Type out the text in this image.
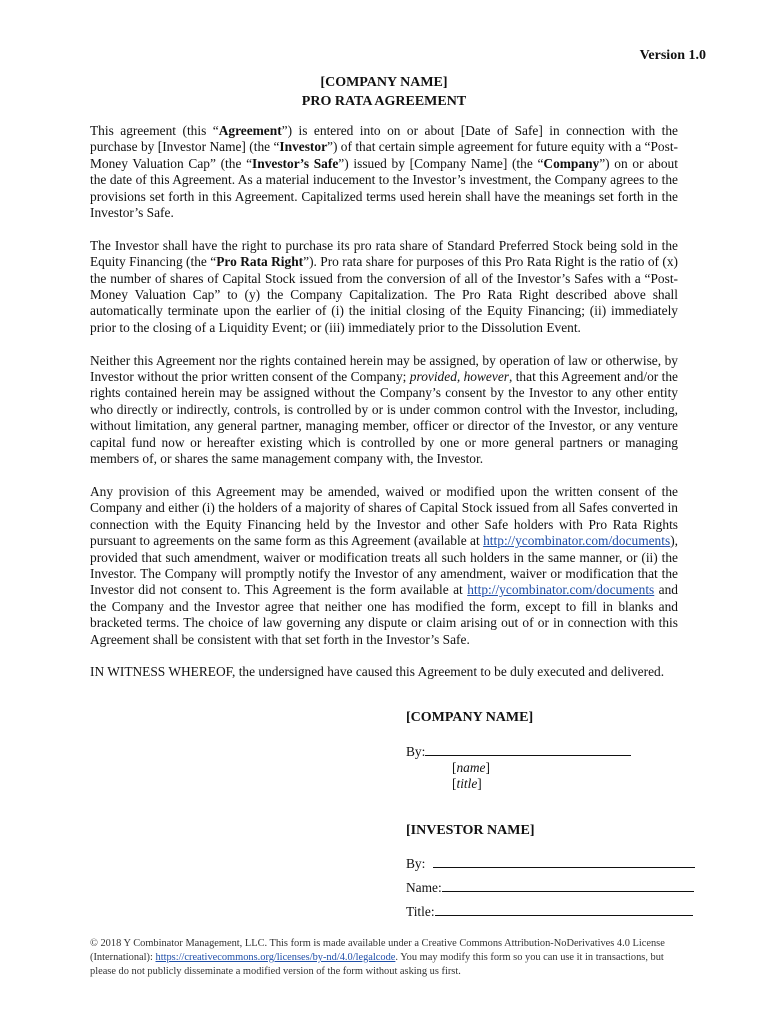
Version 1.0
[COMPANY NAME]
PRO RATA AGREEMENT

This agreement (this “Agreement”) is entered into on or about [Date of Safe] in connection with the purchase by [Investor Name] (the “Investor”) of that certain simple agreement for future equity with a “Post-Money Valuation Cap” (the “Investor’s Safe”) issued by [Company Name] (the “Company”) on or about the date of this Agreement. As a material inducement to the Investor’s investment, the Company agrees to the provisions set forth in this Agreement. Capitalized terms used herein shall have the meanings set forth in the Investor’s Safe.

The Investor shall have the right to purchase its pro rata share of Standard Preferred Stock being sold in the Equity Financing (the “Pro Rata Right”). Pro rata share for purposes of this Pro Rata Right is the ratio of (x) the number of shares of Capital Stock issued from the conversion of all of the Investor’s Safes with a “Post-Money Valuation Cap” to (y) the Company Capitalization. The Pro Rata Right described above shall automatically terminate upon the earlier of (i) the initial closing of the Equity Financing; (ii) immediately prior to the closing of a Liquidity Event; or (iii) immediately prior to the Dissolution Event.

Neither this Agreement nor the rights contained herein may be assigned, by operation of law or otherwise, by Investor without the prior written consent of the Company; provided, however, that this Agreement and/or the rights contained herein may be assigned without the Company’s consent by the Investor to any other entity who directly or indirectly, controls, is controlled by or is under common control with the Investor, including, without limitation, any general partner, managing member, officer or director of the Investor, or any venture capital fund now or hereafter existing which is controlled by one or more general partners or managing members of, or shares the same management company with, the Investor.

Any provision of this Agreement may be amended, waived or modified upon the written consent of the Company and either (i) the holders of a majority of shares of Capital Stock issued from all Safes converted in connection with the Equity Financing held by the Investor and other Safe holders with Pro Rata Rights pursuant to agreements on the same form as this Agreement (available at http://ycombinator.com/documents), provided that such amendment, waiver or modification treats all such holders in the same manner, or (ii) the Investor. The Company will promptly notify the Investor of any amendment, waiver or modification that the Investor did not consent to. This Agreement is the form available at http://ycombinator.com/documents and the Company and the Investor agree that neither one has modified the form, except to fill in blanks and bracketed terms. The choice of law governing any dispute or claim arising out of or in connection with this Agreement shall be consistent with that set forth in the Investor’s Safe.

IN WITNESS WHEREOF, the undersigned have caused this Agreement to be duly executed and delivered.

[COMPANY NAME]
By:
[name]
[title]
[INVESTOR NAME]
By:
Name:
Title:
© 2018 Y Combinator Management, LLC. This form is made available under a Creative Commons Attribution-NoDerivatives 4.0 License (International): https://creativecommons.org/licenses/by-nd/4.0/legalcode. You may modify this form so you can use it in transactions, but please do not publicly disseminate a modified version of the form without asking us first.
